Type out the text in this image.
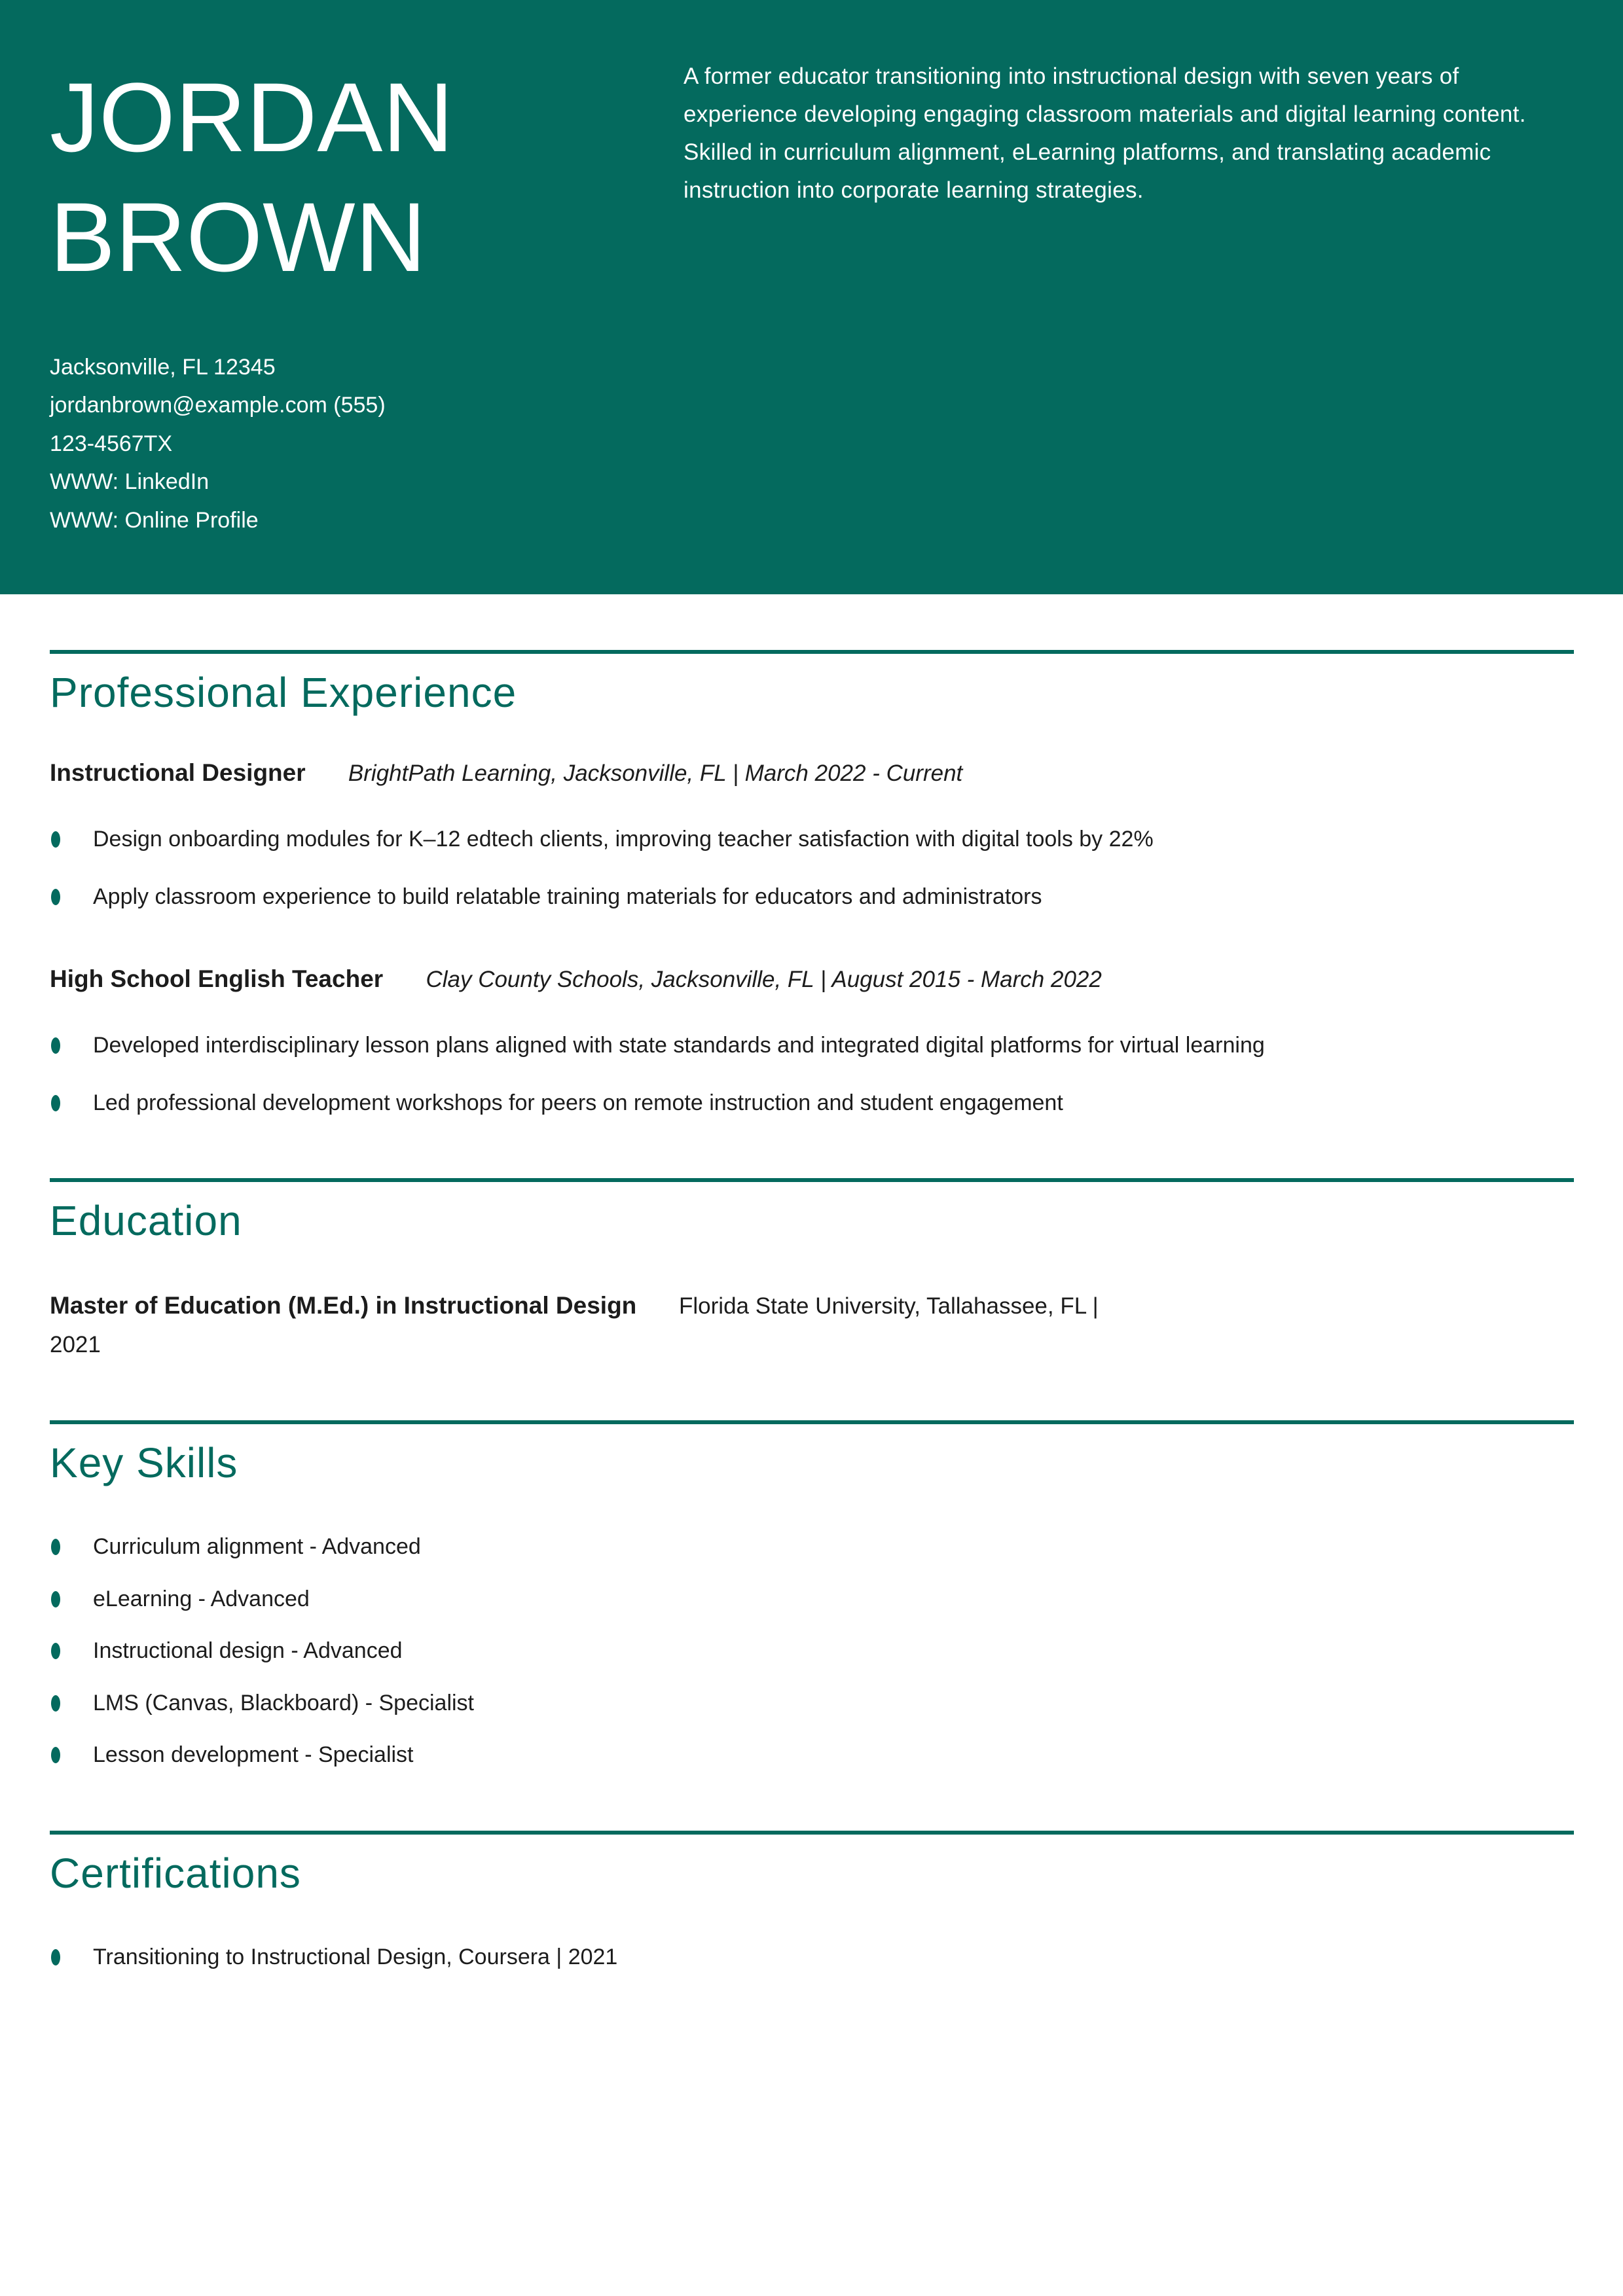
JORDAN BROWN
Jacksonville, FL 12345
jordanbrown@example.com (555)
123-4567TX
WWW: LinkedIn
WWW: Online Profile
A former educator transitioning into instructional design with seven years of experience developing engaging classroom materials and digital learning content. Skilled in curriculum alignment, eLearning platforms, and translating academic instruction into corporate learning strategies.
Professional Experience

Instructional Designer BrightPath Learning, Jacksonville, FL | March 2022 - Current

Design onboarding modules for K–12 edtech clients, improving teacher satisfaction with digital tools by 22%
Apply classroom experience to build relatable training materials for educators and administrators

High School English Teacher Clay County Schools, Jacksonville, FL | August 2015 - March 2022

Developed interdisciplinary lesson plans aligned with state standards and integrated digital platforms for virtual learning
Led professional development workshops for peers on remote instruction and student engagement
Education

Master of Education (M.Ed.) in Instructional Design Florida State University, Tallahassee, FL |
2021

Key Skills
Curriculum alignment - Advanced
eLearning - Advanced
Instructional design - Advanced
LMS (Canvas, Blackboard) - Specialist
Lesson development - Specialist
Certifications
Transitioning to Instructional Design, Coursera | 2021
